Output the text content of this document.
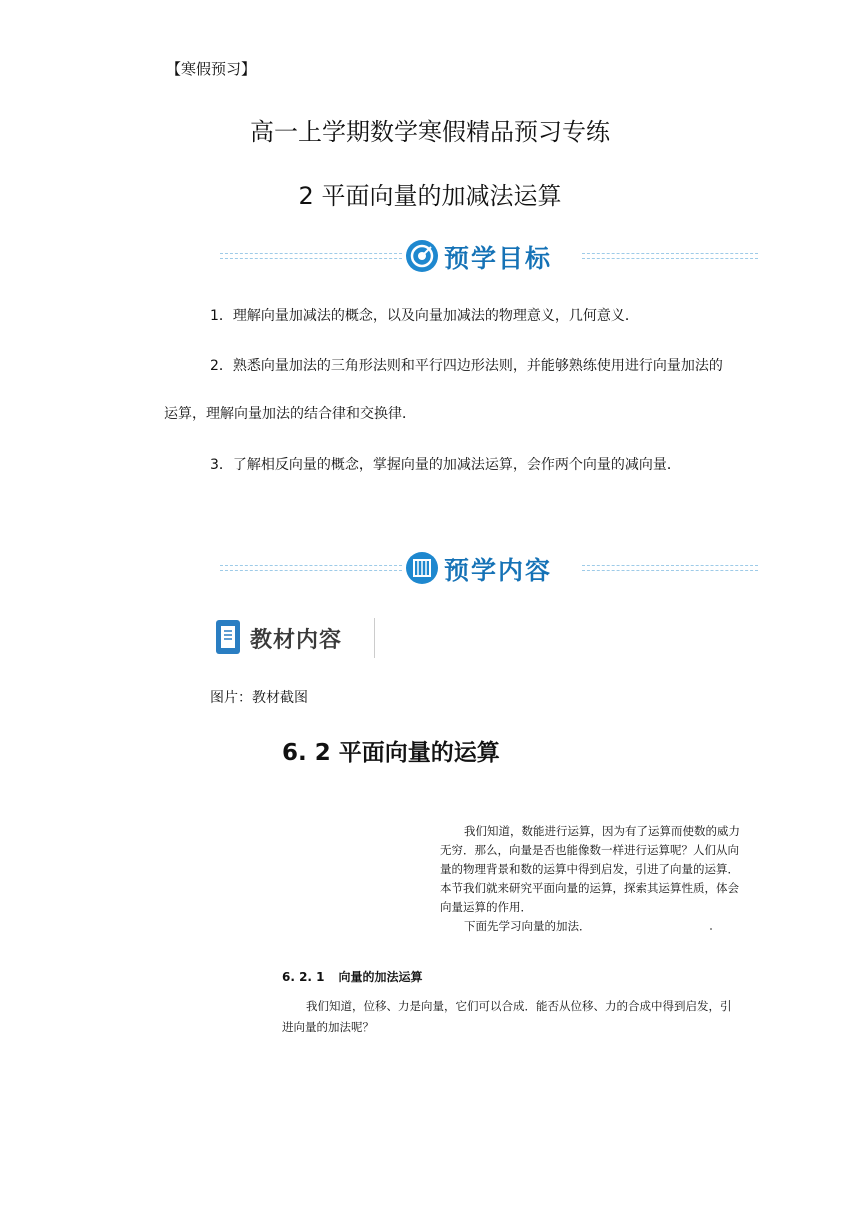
【寒假预习】
高一上学期数学寒假精品预习专练
2 平面向量的加减法运算
预学目标
1．理解向量加减法的概念，以及向量加减法的物理意义，几何意义．
2．熟悉向量加法的三角形法则和平行四边形法则，并能够熟练使用进行向量加法的
运算，理解向量加法的结合律和交换律．
3．了解相反向量的概念，掌握向量的加减法运算，会作两个向量的减向量．
预学内容
教材内容
图片：教材截图
6. 2 平面向量的运算
我们知道，数能进行运算，因为有了运算而使数的威力
无穷．那么，向量是否也能像数一样进行运算呢？人们从向
量的物理背景和数的运算中得到启发，引进了向量的运算．
本节我们就来研究平面向量的运算，探索其运算性质，体会
向量运算的作用．
下面先学习向量的加法．
6. 2. 1 向量的加法运算
我们知道，位移、力是向量，它们可以合成．能否从位移、力的合成中得到启发，引
进向量的加法呢？
